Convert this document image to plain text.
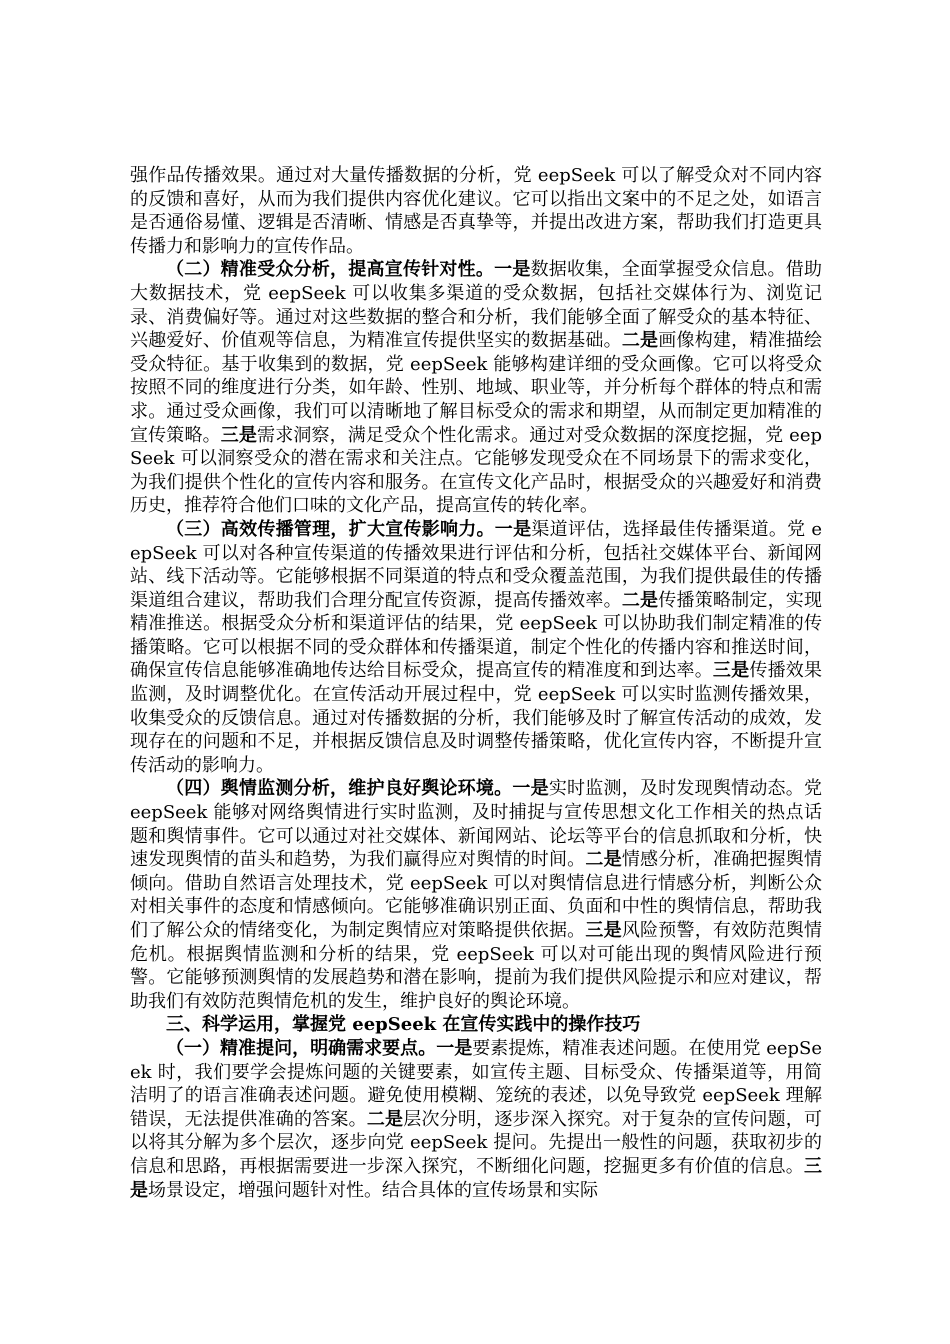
强作品传播效果。通过对大量传播数据的分析，党 eepSeek 可以了解受众对不同内容的反馈和喜好，从而为我们提供内容优化建议。它可以指出文案中的不足之处，如语言是否通俗易懂、逻辑是否清晰、情感是否真挚等，并提出改进方案，帮助我们打造更具传播力和影响力的宣传作品。

（二）精准受众分析，提高宣传针对性。一是数据收集，全面掌握受众信息。借助大数据技术，党 eepSeek 可以收集多渠道的受众数据，包括社交媒体行为、浏览记录、消费偏好等。通过对这些数据的整合和分析，我们能够全面了解受众的基本特征、兴趣爱好、价值观等信息，为精准宣传提供坚实的数据基础。二是画像构建，精准描绘受众特征。基于收集到的数据，党 eepSeek 能够构建详细的受众画像。它可以将受众按照不同的维度进行分类，如年龄、性别、地域、职业等，并分析每个群体的特点和需求。通过受众画像，我们可以清晰地了解目标受众的需求和期望，从而制定更加精准的宣传策略。三是需求洞察，满足受众个性化需求。通过对受众数据的深度挖掘，党 eepSeek 可以洞察受众的潜在需求和关注点。它能够发现受众在不同场景下的需求变化，为我们提供个性化的宣传内容和服务。在宣传文化产品时，根据受众的兴趣爱好和消费历史，推荐符合他们口味的文化产品，提高宣传的转化率。

（三）高效传播管理，扩大宣传影响力。一是渠道评估，选择最佳传播渠道。党 eepSeek 可以对各种宣传渠道的传播效果进行评估和分析，包括社交媒体平台、新闻网站、线下活动等。它能够根据不同渠道的特点和受众覆盖范围，为我们提供最佳的传播渠道组合建议，帮助我们合理分配宣传资源，提高传播效率。二是传播策略制定，实现精准推送。根据受众分析和渠道评估的结果，党 eepSeek 可以协助我们制定精准的传播策略。它可以根据不同的受众群体和传播渠道，制定个性化的传播内容和推送时间，确保宣传信息能够准确地传达给目标受众，提高宣传的精准度和到达率。三是传播效果监测，及时调整优化。在宣传活动开展过程中，党 eepSeek 可以实时监测传播效果，收集受众的反馈信息。通过对传播数据的分析，我们能够及时了解宣传活动的成效，发现存在的问题和不足，并根据反馈信息及时调整传播策略，优化宣传内容，不断提升宣传活动的影响力。

（四）舆情监测分析，维护良好舆论环境。一是实时监测，及时发现舆情动态。党 eepSeek 能够对网络舆情进行实时监测，及时捕捉与宣传思想文化工作相关的热点话题和舆情事件。它可以通过对社交媒体、新闻网站、论坛等平台的信息抓取和分析，快速发现舆情的苗头和趋势，为我们赢得应对舆情的时间。二是情感分析，准确把握舆情倾向。借助自然语言处理技术，党 eepSeek 可以对舆情信息进行情感分析，判断公众对相关事件的态度和情感倾向。它能够准确识别正面、负面和中性的舆情信息，帮助我们了解公众的情绪变化，为制定舆情应对策略提供依据。三是风险预警，有效防范舆情危机。根据舆情监测和分析的结果，党 eepSeek 可以对可能出现的舆情风险进行预警。它能够预测舆情的发展趋势和潜在影响，提前为我们提供风险提示和应对建议，帮助我们有效防范舆情危机的发生，维护良好的舆论环境。

三、科学运用，掌握党 eepSeek 在宣传实践中的操作技巧

（一）精准提问，明确需求要点。一是要素提炼，精准表述问题。在使用党 eepSeek 时，我们要学会提炼问题的关键要素，如宣传主题、目标受众、传播渠道等，用简洁明了的语言准确表述问题。避免使用模糊、笼统的表述，以免导致党 eepSeek 理解错误，无法提供准确的答案。二是层次分明，逐步深入探究。对于复杂的宣传问题，可以将其分解为多个层次，逐步向党 eepSeek 提问。先提出一般性的问题，获取初步的信息和思路，再根据需要进一步深入探究，不断细化问题，挖掘更多有价值的信息。三是场景设定，增强问题针对性。结合具体的宣传场景和实际
